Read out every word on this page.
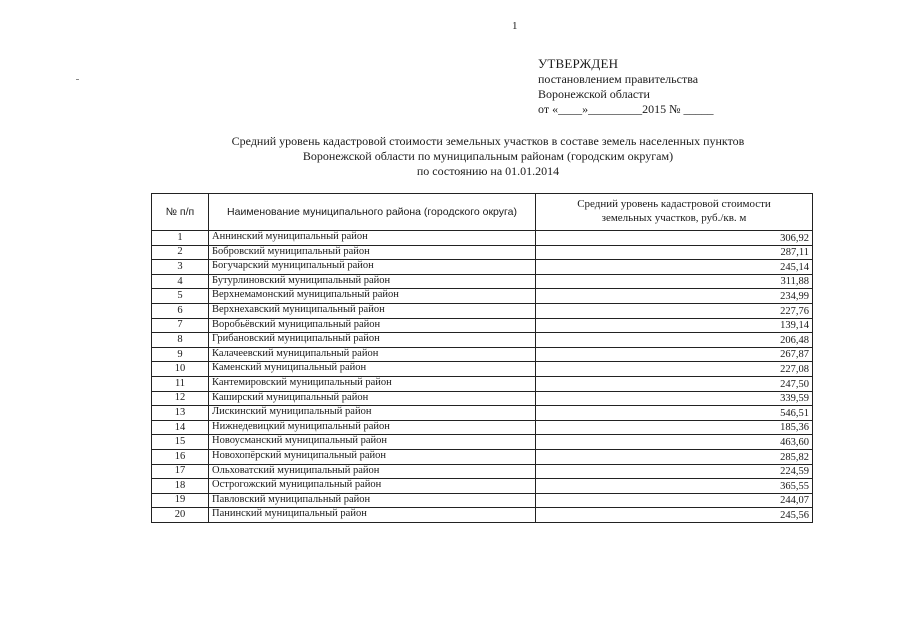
1
УТВЕРЖДЕН
постановлением правительства
Воронежской области
от «____»_________2015 № _____
Средний уровень кадастровой стоимости земельных участков в составе земель населенных пунктов
Воронежской области по муниципальным районам (городским округам)
по состоянию на 01.01.2014
№ п/п	Наименование муниципального района (городского округа)	Средний уровень кадастровой стоимости
земельных участков, руб./кв. м

1	Аннинский муниципальный район	306,92
2	Бобровский муниципальный район	287,11
3	Богучарский муниципальный район	245,14
4	Бутурлиновский муниципальный район	311,88
5	Верхнемамонский муниципальный район	234,99
6	Верхнехавский муниципальный район	227,76
7	Воробьёвский муниципальный район	139,14
8	Грибановский муниципальный район	206,48
9	Калачеевский муниципальный район	267,87
10	Каменский муниципальный район	227,08
11	Кантемировский муниципальный район	247,50
12	Каширский муниципальный район	339,59
13	Лискинский муниципальный район	546,51
14	Нижнедевицкий муниципальный район	185,36
15	Новоусманский муниципальный район	463,60
16	Новохопёрский муниципальный район	285,82
17	Ольховатский муниципальный район	224,59
18	Острогожский муниципальный район	365,55
19	Павловский муниципальный район	244,07
20	Панинский муниципальный район	245,56
